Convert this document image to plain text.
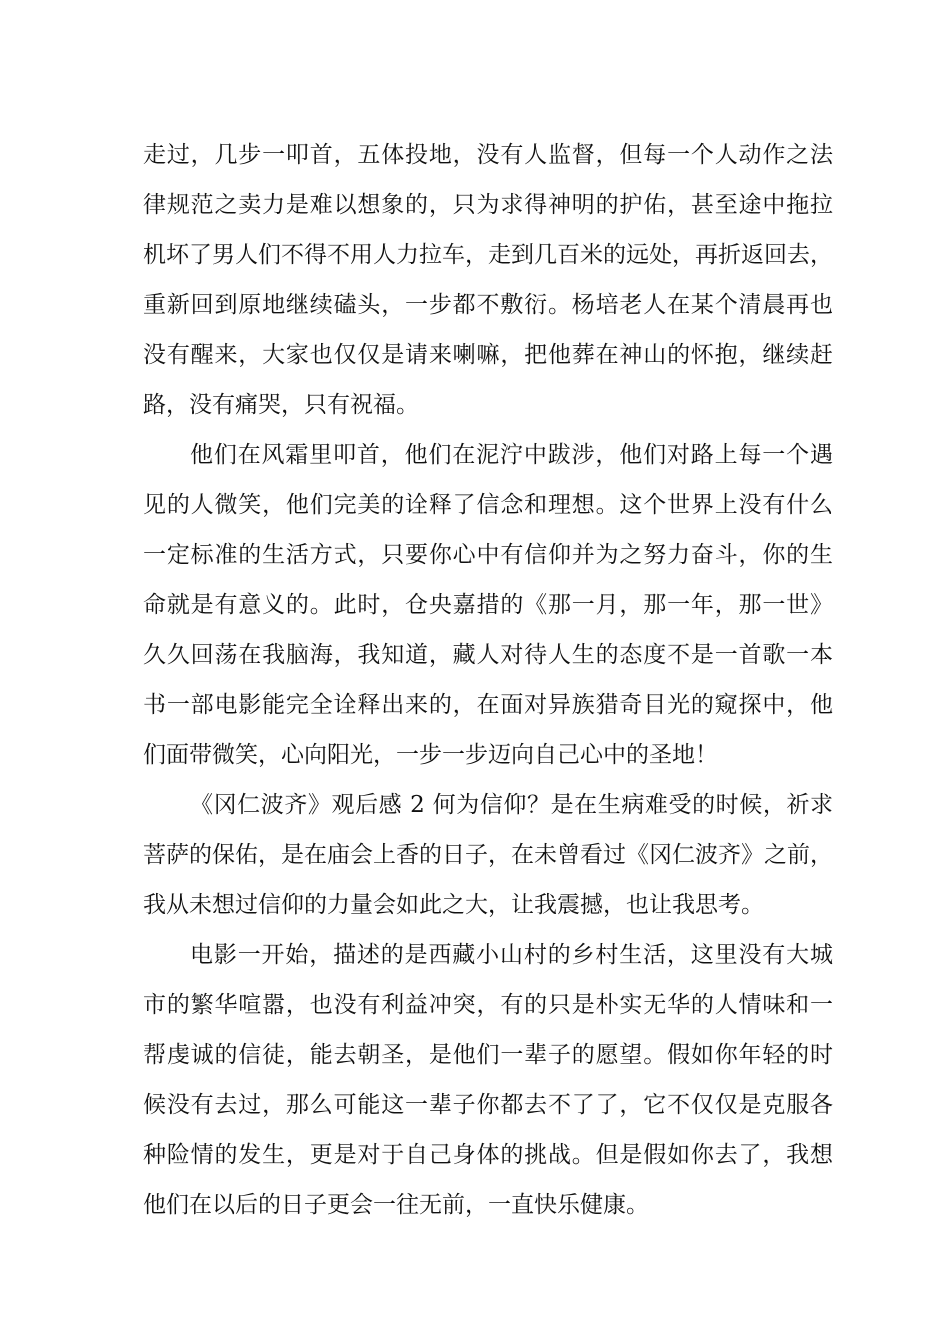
走过，几步一叩首，五体投地，没有人监督，但每一个人动作之法
律规范之卖力是难以想象的，只为求得神明的护佑，甚至途中拖拉
机坏了男人们不得不用人力拉车，走到几百米的远处，再折返回去，
重新回到原地继续磕头，一步都不敷衍。杨培老人在某个清晨再也
没有醒来，大家也仅仅是请来喇嘛，把他葬在神山的怀抱，继续赶
路，没有痛哭，只有祝福。
他们在风霜里叩首，他们在泥泞中跋涉，他们对路上每一个遇
见的人微笑，他们完美的诠释了信念和理想。这个世界上没有什么
一定标准的生活方式，只要你心中有信仰并为之努力奋斗，你的生
命就是有意义的。此时，仓央嘉措的《那一月，那一年，那一世》
久久回荡在我脑海，我知道，藏人对待人生的态度不是一首歌一本
书一部电影能完全诠释出来的，在面对异族猎奇目光的窥探中，他
们面带微笑，心向阳光，一步一步迈向自己心中的圣地！
《冈仁波齐》观后感 2 何为信仰？是在生病难受的时候，祈求
菩萨的保佑，是在庙会上香的日子，在未曾看过《冈仁波齐》之前，
我从未想过信仰的力量会如此之大，让我震撼，也让我思考。
电影一开始，描述的是西藏小山村的乡村生活，这里没有大城
市的繁华喧嚣，也没有利益冲突，有的只是朴实无华的人情味和一
帮虔诚的信徒，能去朝圣，是他们一辈子的愿望。假如你年轻的时
候没有去过，那么可能这一辈子你都去不了了，它不仅仅是克服各
种险情的发生，更是对于自己身体的挑战。但是假如你去了，我想
他们在以后的日子更会一往无前，一直快乐健康。
